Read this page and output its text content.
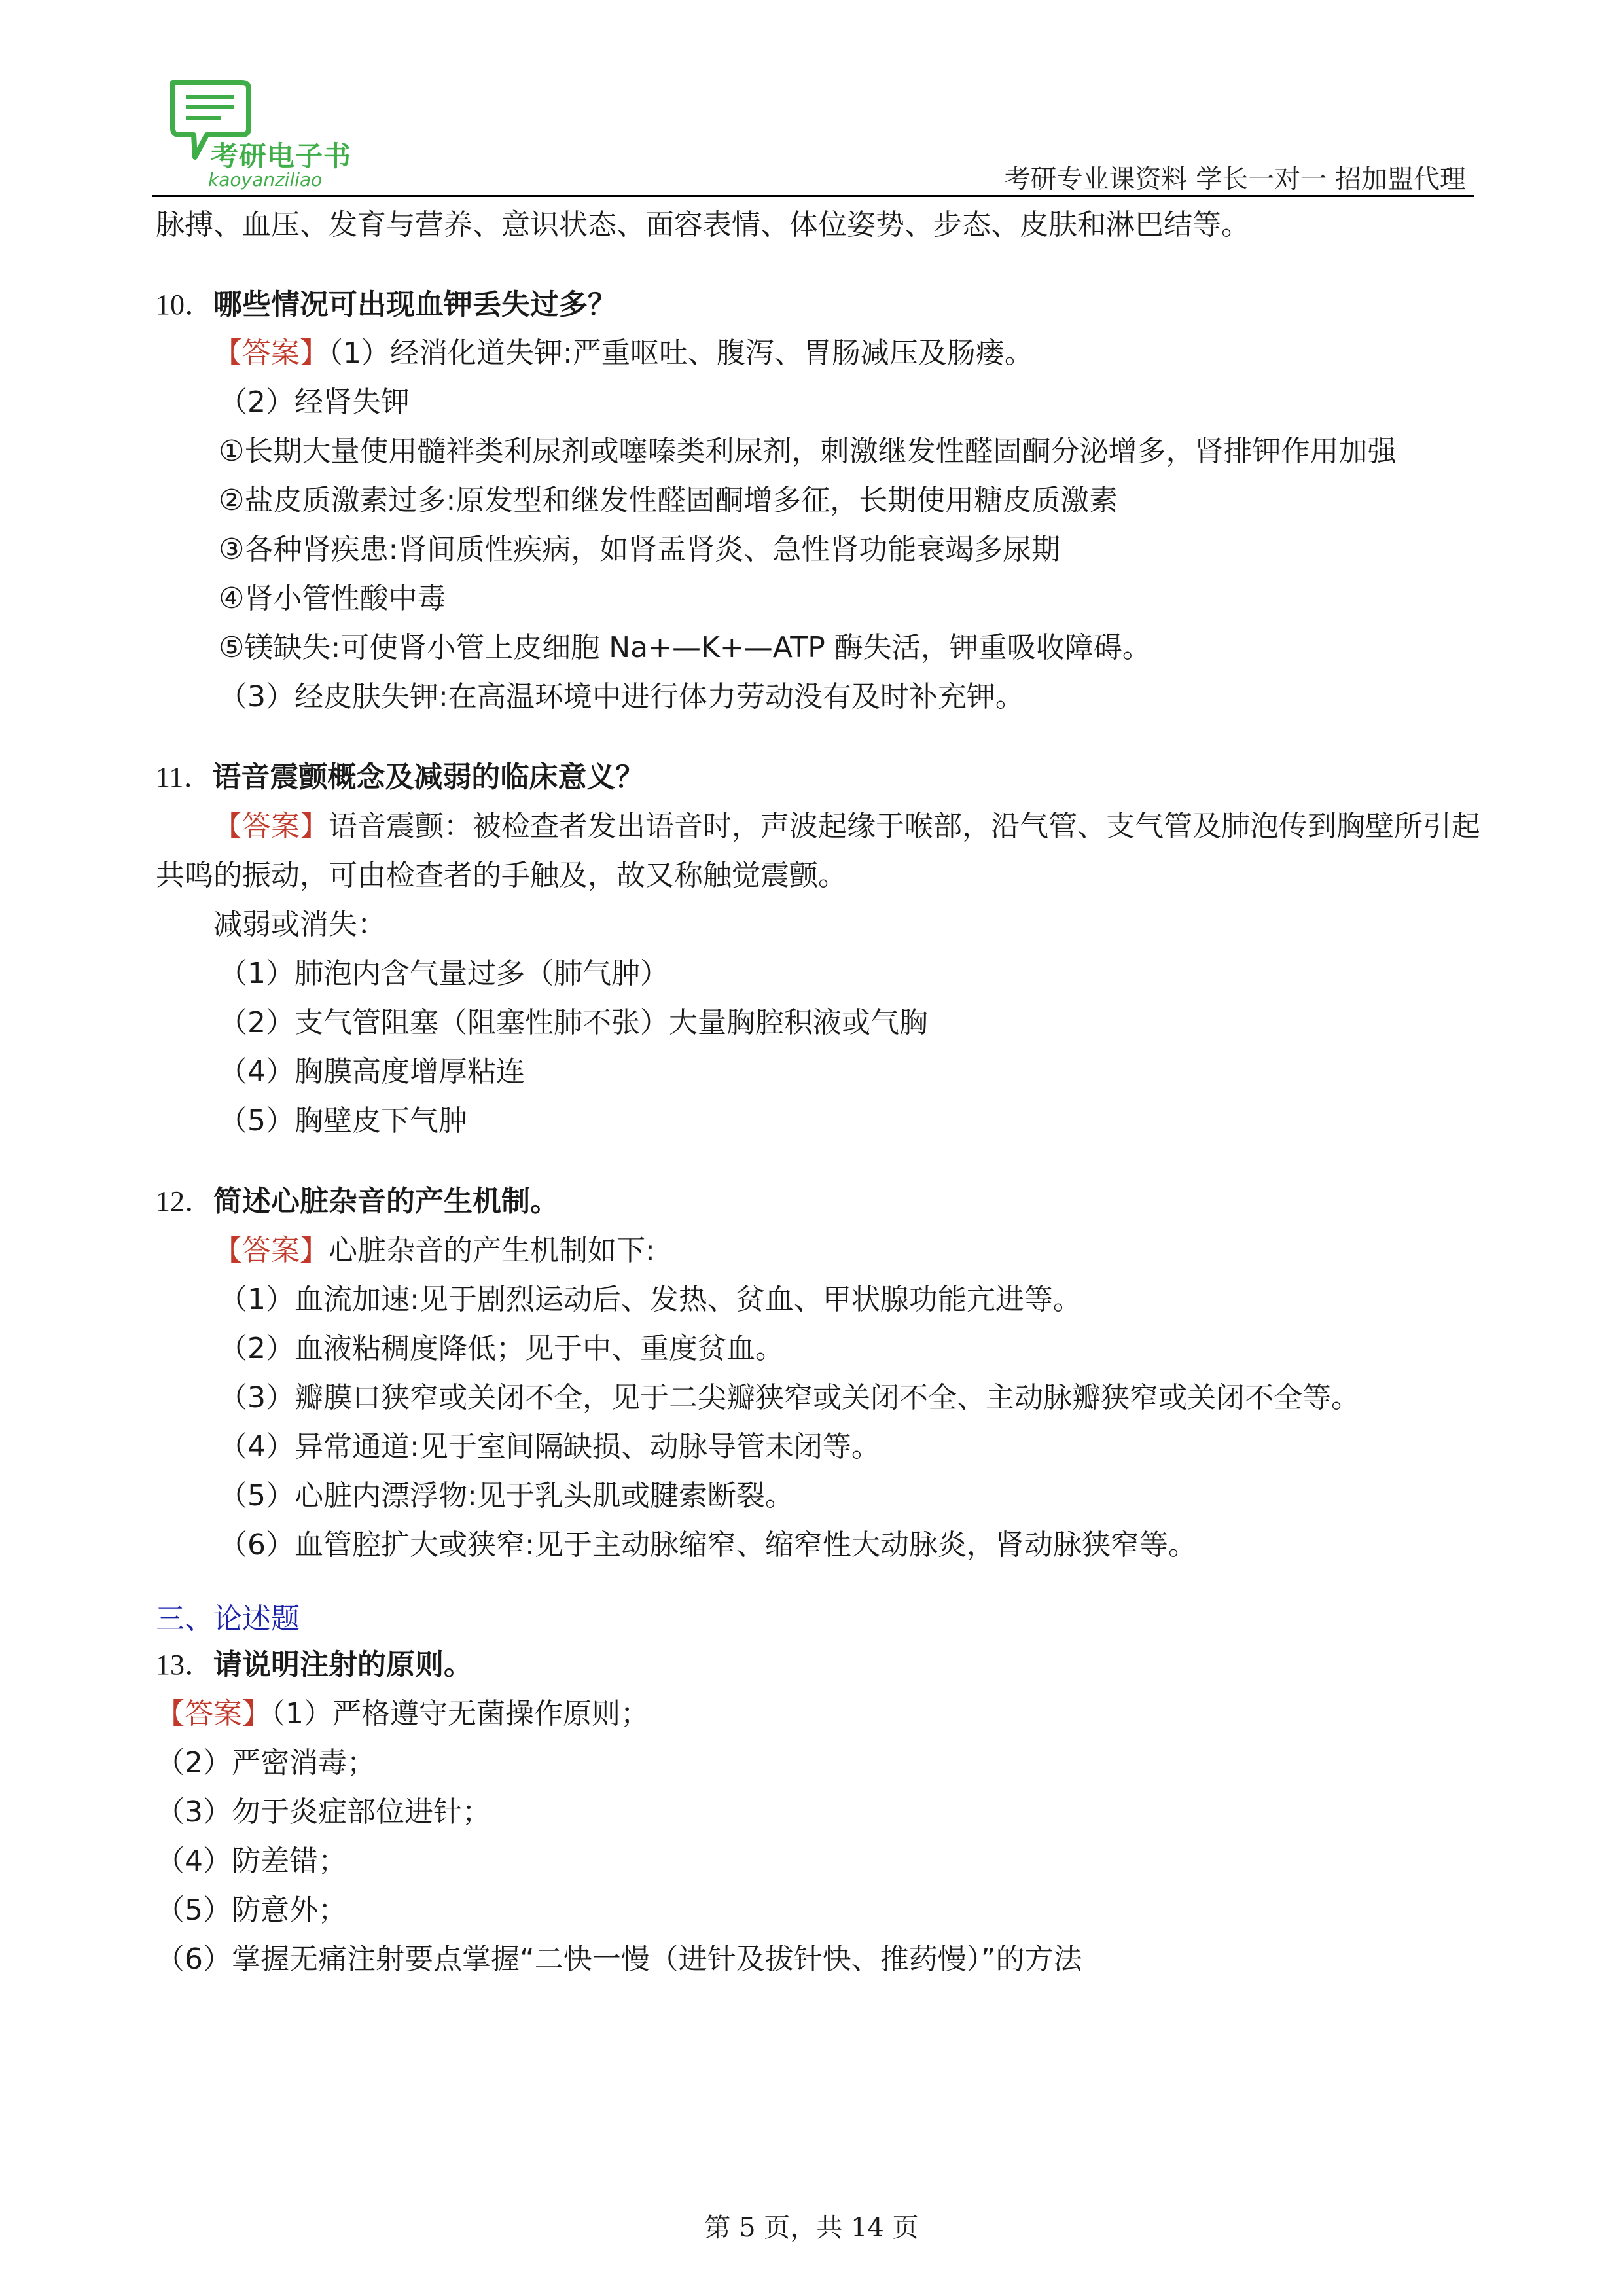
考研电子书
kaoyanziliao	考研专业课资料 学长一对一 招加盟代理
脉搏、血压、发育与营养、意识状态、面容表情、体位姿势、步态、皮肤和淋巴结等。
10．哪些情况可出现血钾丢失过多？
【答案】（1）经消化道失钾:严重呕吐、腹泻、胃肠减压及肠瘘。
（2）经肾失钾
①长期大量使用髓袢类利尿剂或噻嗪类利尿剂，刺激继发性醛固酮分泌增多，肾排钾作用加强
②盐皮质激素过多:原发型和继发性醛固酮增多征，长期使用糖皮质激素
③各种肾疾患:肾间质性疾病，如肾盂肾炎、急性肾功能衰竭多尿期
④肾小管性酸中毒
⑤镁缺失:可使肾小管上皮细胞 Na+—K+—ATP 酶失活，钾重吸收障碍。
（3）经皮肤失钾:在高温环境中进行体力劳动没有及时补充钾。
11．语音震颤概念及减弱的临床意义？
【答案】语音震颤：被检查者发出语音时，声波起缘于喉部，沿气管、支气管及肺泡传到胸壁所引起
共鸣的振动，可由检查者的手触及，故又称触觉震颤。
减弱或消失：
（1）肺泡内含气量过多（肺气肿）
（2）支气管阻塞（阻塞性肺不张）大量胸腔积液或气胸
（4）胸膜高度增厚粘连
（5）胸壁皮下气肿
12．简述心脏杂音的产生机制。
【答案】心脏杂音的产生机制如下:
（1）血流加速:见于剧烈运动后、发热、贫血、甲状腺功能亢进等。
（2）血液粘稠度降低；见于中、重度贫血。
（3）瓣膜口狭窄或关闭不全，见于二尖瓣狭窄或关闭不全、主动脉瓣狭窄或关闭不全等。
（4）异常通道:见于室间隔缺损、动脉导管未闭等。
（5）心脏内漂浮物:见于乳头肌或腱索断裂。
（6）血管腔扩大或狭窄:见于主动脉缩窄、缩窄性大动脉炎，肾动脉狭窄等。
三、论述题
13．请说明注射的原则。
【答案】（1）严格遵守无菌操作原则；
（2）严密消毒；
（3）勿于炎症部位进针；
（4）防差错；
（5）防意外；
（6）掌握无痛注射要点掌握“二快一慢（进针及拔针快、推药慢）”的方法
第 5 页，共 14 页
